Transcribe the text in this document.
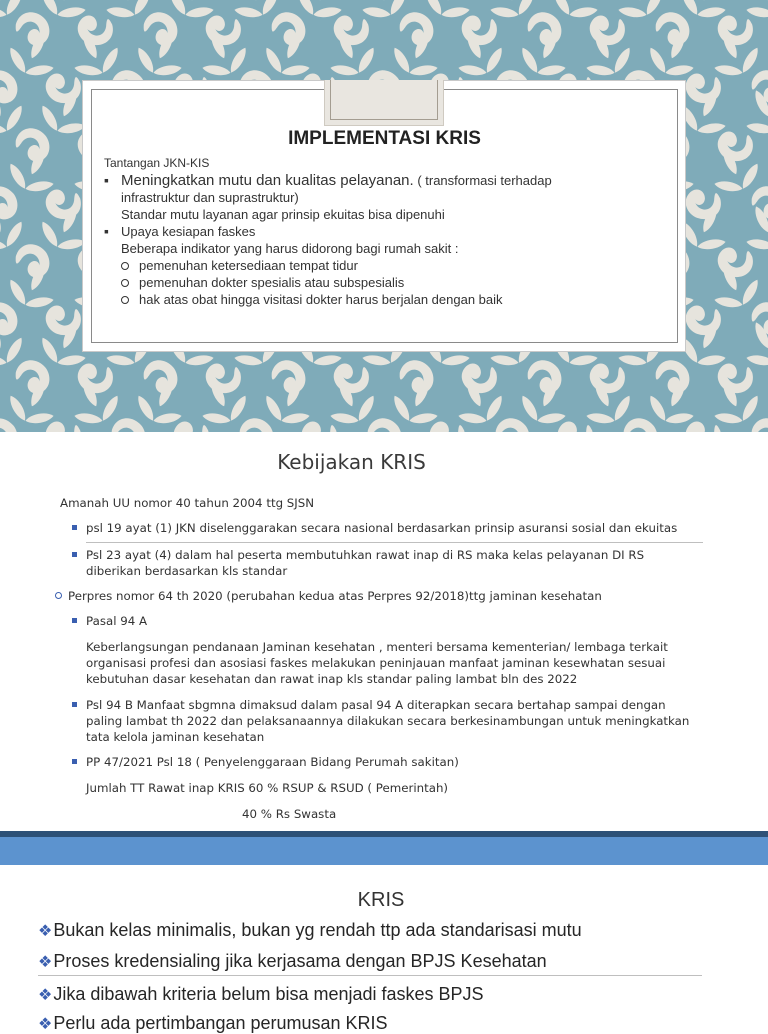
IMPLEMENTASI KRIS
Tantangan JKN-KIS
▪ Meningkatkan mutu dan kualitas pelayanan. ( transformasi terhadap
infrastruktur dan suprastruktur)
Standar mutu layanan agar prinsip ekuitas bisa dipenuhi
▪ Upaya kesiapan faskes
Beberapa indikator yang harus didorong bagi rumah sakit :
pemenuhan ketersediaan tempat tidur
pemenuhan dokter spesialis atau subspesialis
hak atas obat hingga visitasi dokter harus berjalan dengan baik
Kebijakan KRIS
Amanah UU nomor 40 tahun 2004 ttg SJSN
psl 19 ayat (1) JKN diselenggarakan secara nasional berdasarkan prinsip asuransi sosial dan ekuitas
Psl 23 ayat (4) dalam hal peserta membutuhkan rawat inap di RS maka kelas pelayanan DI RS
diberikan berdasarkan kls standar
Perpres nomor 64 th 2020 (perubahan kedua atas Perpres 92/2018)ttg jaminan kesehatan
Pasal 94 A
Keberlangsungan pendanaan Jaminan kesehatan , menteri bersama kementerian/ lembaga terkait
organisasi profesi dan asosiasi faskes melakukan peninjauan manfaat jaminan kesewhatan sesuai
kebutuhan dasar kesehatan dan rawat inap kls standar paling lambat bln des 2022
Psl 94 B Manfaat sbgmna dimaksud dalam pasal 94 A diterapkan secara bertahap sampai dengan
paling lambat th 2022 dan pelaksanaannya dilakukan secara berkesinambungan untuk meningkatkan
tata kelola jaminan kesehatan
PP 47/2021 Psl 18 ( Penyelenggaraan Bidang Perumah sakitan)
Jumlah TT Rawat inap KRIS 60 % RSUP & RSUD ( Pemerintah)
40 % Rs Swasta
KRIS
❖Bukan kelas minimalis, bukan yg rendah ttp ada standarisasi mutu
❖Proses kredensialing jika kerjasama dengan BPJS Kesehatan
❖Jika dibawah kriteria belum bisa menjadi faskes BPJS
❖Perlu ada pertimbangan perumusan KRIS
